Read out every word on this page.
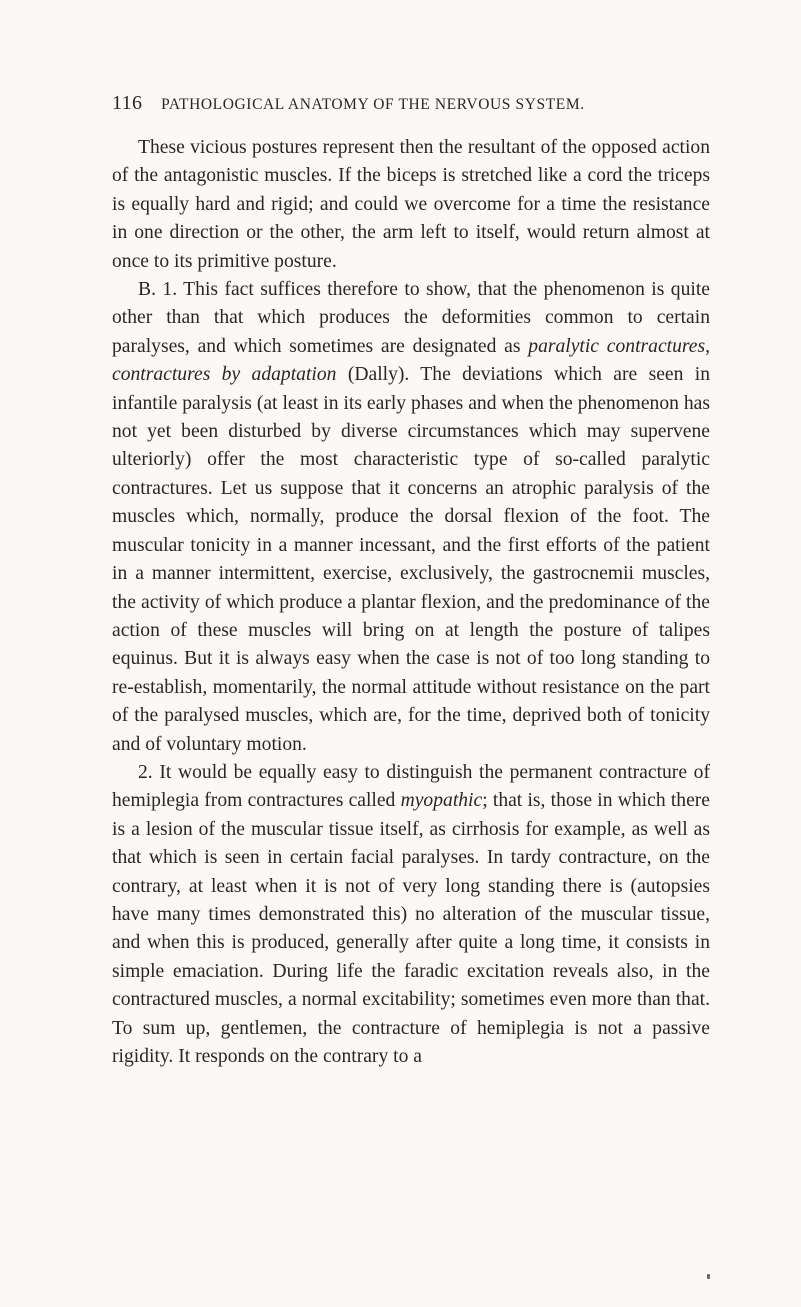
116 PATHOLOGICAL ANATOMY OF THE NERVOUS SYSTEM.

These vicious postures represent then the resultant of the opposed action of the antagonistic muscles. If the biceps is stretched like a cord the triceps is equally hard and rigid; and could we overcome for a time the resistance in one direction or the other, the arm left to itself, would return almost at once to its primitive posture.

B. 1. This fact suffices therefore to show, that the phenomenon is quite other than that which produces the deformities common to certain paralyses, and which sometimes are designated as paralytic contractures, contractures by adaptation (Dally). The deviations which are seen in infantile paralysis (at least in its early phases and when the phenomenon has not yet been disturbed by diverse circumstances which may supervene ulteriorly) offer the most characteristic type of so-called paralytic contractures. Let us suppose that it concerns an atrophic paralysis of the muscles which, normally, produce the dorsal flexion of the foot. The muscular tonicity in a manner incessant, and the first efforts of the patient in a manner intermittent, exercise, exclusively, the gastrocnemii muscles, the activity of which produce a plantar flexion, and the predominance of the action of these muscles will bring on at length the posture of talipes equinus. But it is always easy when the case is not of too long standing to re-establish, momentarily, the normal attitude without resistance on the part of the paralysed muscles, which are, for the time, deprived both of tonicity and of voluntary motion.

2. It would be equally easy to distinguish the permanent contracture of hemiplegia from contractures called myopathic; that is, those in which there is a lesion of the muscular tissue itself, as cirrhosis for example, as well as that which is seen in certain facial paralyses. In tardy contracture, on the contrary, at least when it is not of very long standing there is (autopsies have many times demonstrated this) no alteration of the muscular tissue, and when this is produced, generally after quite a long time, it consists in simple emaciation. During life the faradic excitation reveals also, in the contractured muscles, a normal excitability; sometimes even more than that. To sum up, gentlemen, the contracture of hemiplegia is not a passive rigidity. It responds on the contrary to a
